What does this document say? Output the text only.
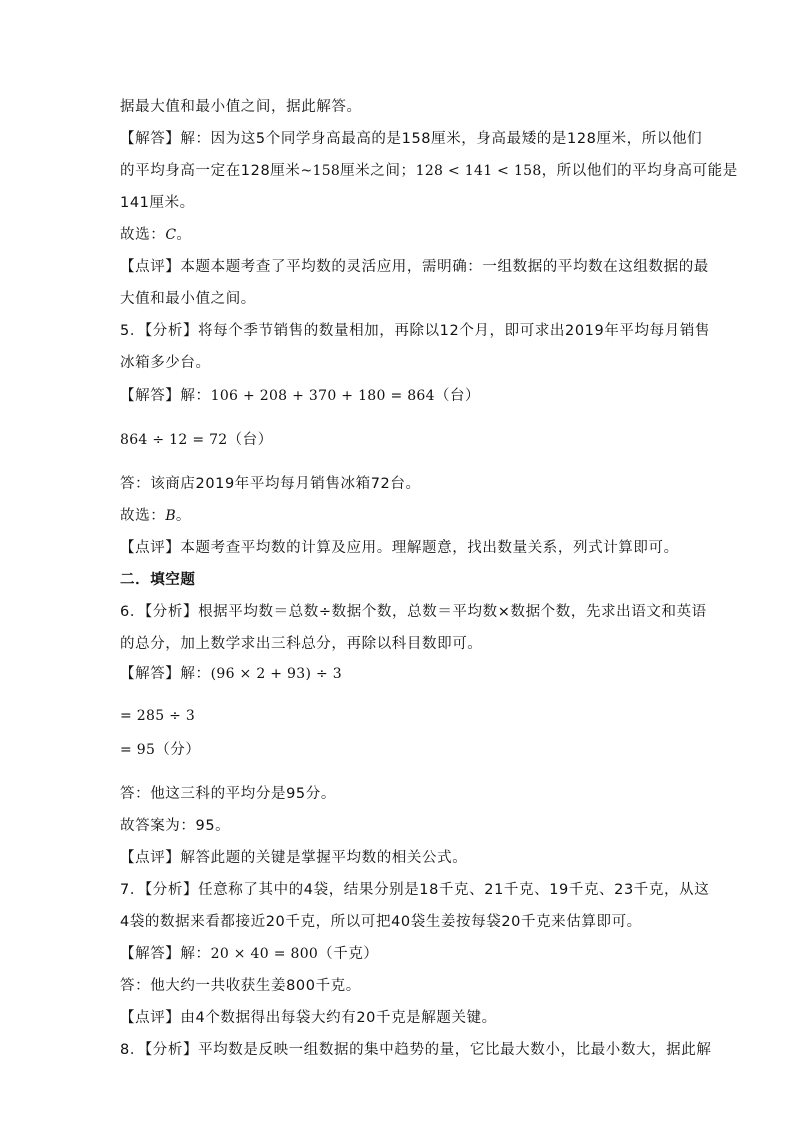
据最大值和最小值之间，据此解答。
【解答】解：因为这5个同学身高最高的是158厘米，身高最矮的是128厘米，所以他们
的平均身高一定在128厘米~158厘米之间；128 < 141 < 158，所以他们的平均身高可能是
141厘米。
故选：C。
【点评】本题本题考查了平均数的灵活应用，需明确：一组数据的平均数在这组数据的最
大值和最小值之间。
5．【分析】将每个季节销售的数量相加，再除以12个月，即可求出2019年平均每月销售
冰箱多少台。
【解答】解：106 + 208 + 370 + 180 = 864（台）
864 ÷ 12 = 72（台）
答：该商店2019年平均每月销售冰箱72台。
故选：B。
【点评】本题考查平均数的计算及应用。理解题意，找出数量关系，列式计算即可。
二．填空题
6．【分析】根据平均数＝总数÷数据个数，总数＝平均数×数据个数，先求出语文和英语
的总分，加上数学求出三科总分，再除以科目数即可。
【解答】解：(96 × 2 + 93) ÷ 3
= 285 ÷ 3
= 95（分）
答：他这三科的平均分是95分。
故答案为：95。
【点评】解答此题的关键是掌握平均数的相关公式。
7．【分析】任意称了其中的4袋，结果分别是18千克、21千克、19千克、23千克，从这
4袋的数据来看都接近20千克，所以可把40袋生姜按每袋20千克来估算即可。
【解答】解：20 × 40 = 800（千克）
答：他大约一共收获生姜800千克。
【点评】由4个数据得出每袋大约有20千克是解题关键。
8．【分析】平均数是反映一组数据的集中趋势的量，它比最大数小，比最小数大，据此解
